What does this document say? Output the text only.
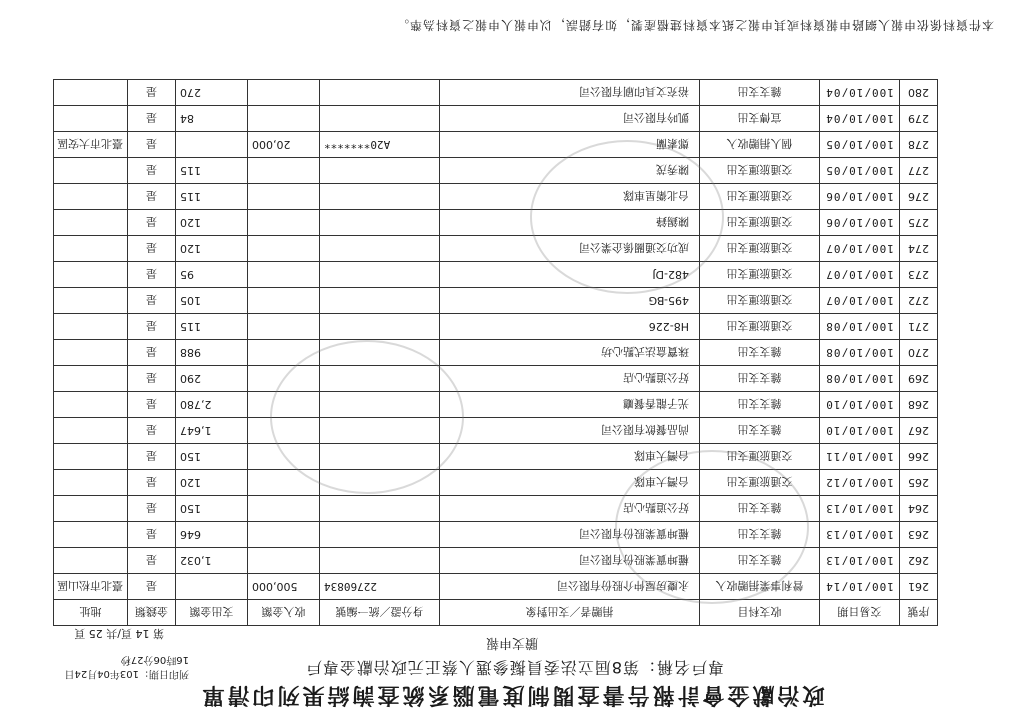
政治獻金會計報告書查閱制度電腦系統查詢結果列印清單
專戶名稱：第8屆立法委員擬參選人蔡正元政治獻金專戶
賸支申報
列印日期：103年04月24日
16時06分27秒
第 14 頁/共 25 頁
序號	交易日期	收支科目	捐贈者／支出對象	身分證／統一編號	收入金額	支出金額	金錢類	地址
261	100/10/14	營利事業捐贈收入	永慶房屋仲介股份有限公司	22760834	500,000		是	臺北市松山區
262	100/10/13	雜支支出	權坤實業股份有限公司			1,032	是	
263	100/10/13	雜支支出	權坤實業股份有限公司			646	是	
264	100/10/13	雜支支出	好公道點心店			150	是	
265	100/10/12	交通旅運支出	台灣大車隊			120	是	
266	100/10/11	交通旅運支出	台灣大車隊			150	是	
267	100/10/10	雜支支出	尚品餐飲有限公司			1,647	是	
268	100/10/10	雜支支出	光子龍香餐廳			2,780	是	
269	100/10/08	雜支支出	好公道點心店			290	是	
270	100/10/08	雜支支出	珠寶盒法式點心坊			988	是	
271	100/10/08	交通旅運支出	H8-226			115	是	
272	100/10/07	交通旅運支出	495-BG			105	是	
273	100/10/07	交通旅運支出	482-DJ			95	是	
274	100/10/07	交通旅運支出	成功交通關係企業公司			120	是	
275	100/10/06	交通旅運支出	陳錫鋒			120	是	
276	100/10/06	交通旅運支出	台北衛星車隊			115	是	
277	100/10/05	交通旅運支出	陳秀茂			115	是	
278	100/10/05	個人捐贈收入	鄭素蘭	A20*******	20,000		是	臺北市大安區
279	100/10/04	宣傳支出	凱吟有限公司			84	是	
280	100/10/04	雜支支出	裕充文具印刷有限公司			270	是	
本件資料係依申報人網路申報資料或其申報之紙本資料建檔產製，如有錯誤，以申報人申報之資料為準。
